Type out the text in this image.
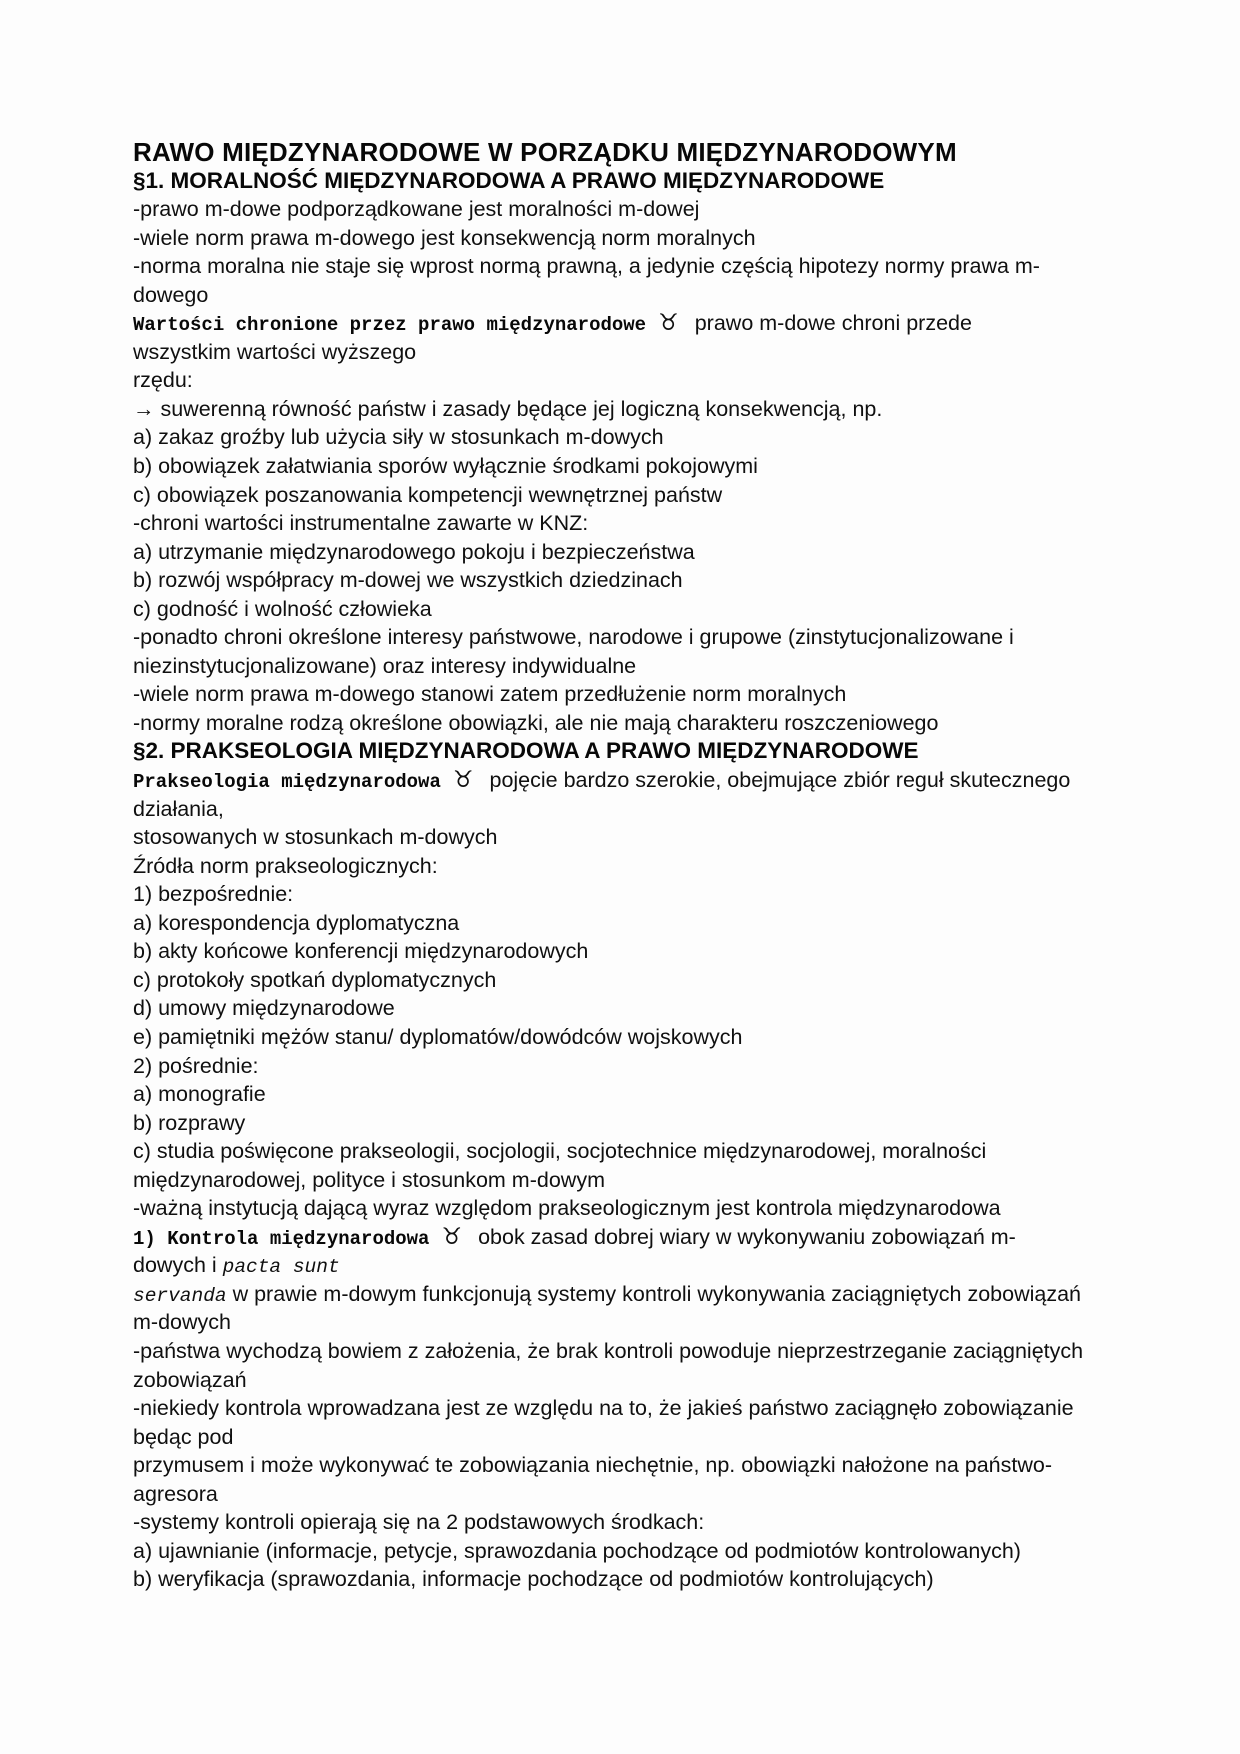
RAWO MIĘDZYNARODOWE W PORZĄDKU MIĘDZYNARODOWYM
§1. MORALNOŚĆ MIĘDZYNARODOWA A PRAWO MIĘDZYNARODOWE
-prawo m-dowe podporządkowane jest moralności m-dowej
-wiele norm prawa m-dowego jest konsekwencją norm moralnych
-norma moralna nie staje się wprost normą prawną, a jedynie częścią hipotezy normy prawa m-
dowego
Wartości chronione przez prawo międzynarodowe ♉ prawo m-dowe chroni przede
wszystkim wartości wyższego
rzędu:
→ suwerenną równość państw i zasady będące jej logiczną konsekwencją, np.
a) zakaz groźby lub użycia siły w stosunkach m-dowych
b) obowiązek załatwiania sporów wyłącznie środkami pokojowymi
c) obowiązek poszanowania kompetencji wewnętrznej państw
-chroni wartości instrumentalne zawarte w KNZ:
a) utrzymanie międzynarodowego pokoju i bezpieczeństwa
b) rozwój współpracy m-dowej we wszystkich dziedzinach
c) godność i wolność człowieka
-ponadto chroni określone interesy państwowe, narodowe i grupowe (zinstytucjonalizowane i
niezinstytucjonalizowane) oraz interesy indywidualne
-wiele norm prawa m-dowego stanowi zatem przedłużenie norm moralnych
-normy moralne rodzą określone obowiązki, ale nie mają charakteru roszczeniowego
§2. PRAKSEOLOGIA MIĘDZYNARODOWA A PRAWO MIĘDZYNARODOWE
Prakseologia międzynarodowa ♉ pojęcie bardzo szerokie, obejmujące zbiór reguł skutecznego
działania,
stosowanych w stosunkach m-dowych
Źródła norm prakseologicznych:
1) bezpośrednie:
a) korespondencja dyplomatyczna
b) akty końcowe konferencji międzynarodowych
c) protokoły spotkań dyplomatycznych
d) umowy międzynarodowe
e) pamiętniki mężów stanu/ dyplomatów/dowódców wojskowych
2) pośrednie:
a) monografie
b) rozprawy
c) studia poświęcone prakseologii, socjologii, socjotechnice międzynarodowej, moralności
międzynarodowej, polityce i stosunkom m-dowym
-ważną instytucją dającą wyraz względom prakseologicznym jest kontrola międzynarodowa
1) Kontrola międzynarodowa ♉ obok zasad dobrej wiary w wykonywaniu zobowiązań m-
dowych i pacta sunt
servanda w prawie m-dowym funkcjonują systemy kontroli wykonywania zaciągniętych zobowiązań
m-dowych
-państwa wychodzą bowiem z założenia, że brak kontroli powoduje nieprzestrzeganie zaciągniętych
zobowiązań
-niekiedy kontrola wprowadzana jest ze względu na to, że jakieś państwo zaciągnęło zobowiązanie
będąc pod
przymusem i może wykonywać te zobowiązania niechętnie, np. obowiązki nałożone na państwo-
agresora
-systemy kontroli opierają się na 2 podstawowych środkach:
a) ujawnianie (informacje, petycje, sprawozdania pochodzące od podmiotów kontrolowanych)
b) weryfikacja (sprawozdania, informacje pochodzące od podmiotów kontrolujących)
